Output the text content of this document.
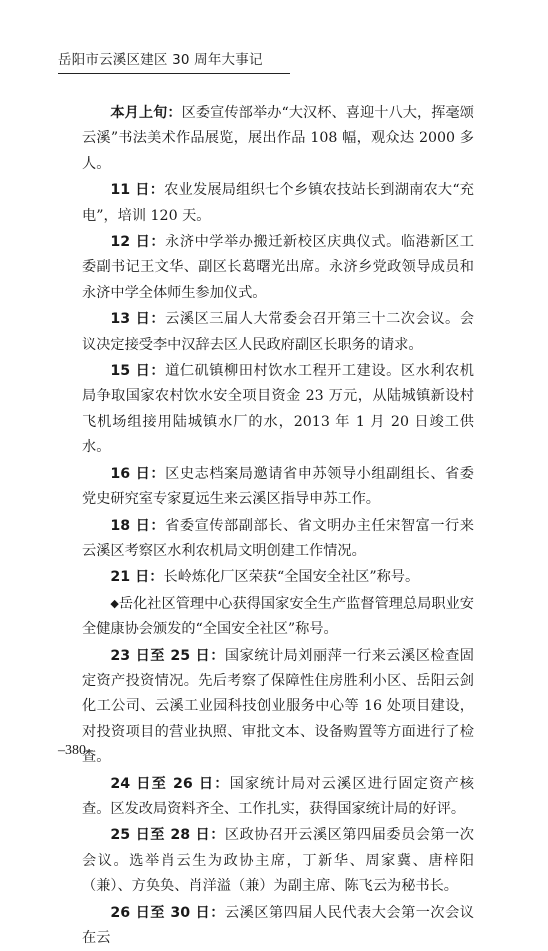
岳阳市云溪区建区 30 周年大事记

本月上旬：区委宣传部举办“大汉杯、喜迎十八大，挥毫颂云溪”书法美术作品展览，展出作品 108 幅，观众达 2000 多人。

11 日：农业发展局组织七个乡镇农技站长到湖南农大“充电”，培训 120 天。

12 日：永济中学举办搬迁新校区庆典仪式。临港新区工委副书记王文华、副区长葛曙光出席。永济乡党政领导成员和永济中学全体师生参加仪式。

13 日：云溪区三届人大常委会召开第三十二次会议。会议决定接受李中汉辞去区人民政府副区长职务的请求。

15 日：道仁矶镇柳田村饮水工程开工建设。区水利农机局争取国家农村饮水安全项目资金 23 万元，从陆城镇新设村飞机场组接用陆城镇水厂的水，2013 年 1 月 20 日竣工供水。

16 日：区史志档案局邀请省申苏领导小组副组长、省委党史研究室专家夏远生来云溪区指导申苏工作。

18 日：省委宣传部副部长、省文明办主任宋智富一行来云溪区考察区水利农机局文明创建工作情况。

21 日：长岭炼化厂区荣获“全国安全社区”称号。

◆岳化社区管理中心获得国家安全生产监督管理总局职业安全健康协会颁发的“全国安全社区”称号。

23 日至 25 日：国家统计局刘丽萍一行来云溪区检查固定资产投资情况。先后考察了保障性住房胜利小区、岳阳云剑化工公司、云溪工业园科技创业服务中心等 16 处项目建设，对投资项目的营业执照、审批文本、设备购置等方面进行了检查。

24 日至 26 日：国家统计局对云溪区进行固定资产核查。区发改局资料齐全、工作扎实，获得国家统计局的好评。

25 日至 28 日：区政协召开云溪区第四届委员会第一次会议。选举肖云生为政协主席，丁新华、周家冀、唐梓阳（兼）、方奂奂、肖洋溢（兼）为副主席、陈飞云为秘书长。

26 日至 30 日：云溪区第四届人民代表大会第一次会议在云

–380–
